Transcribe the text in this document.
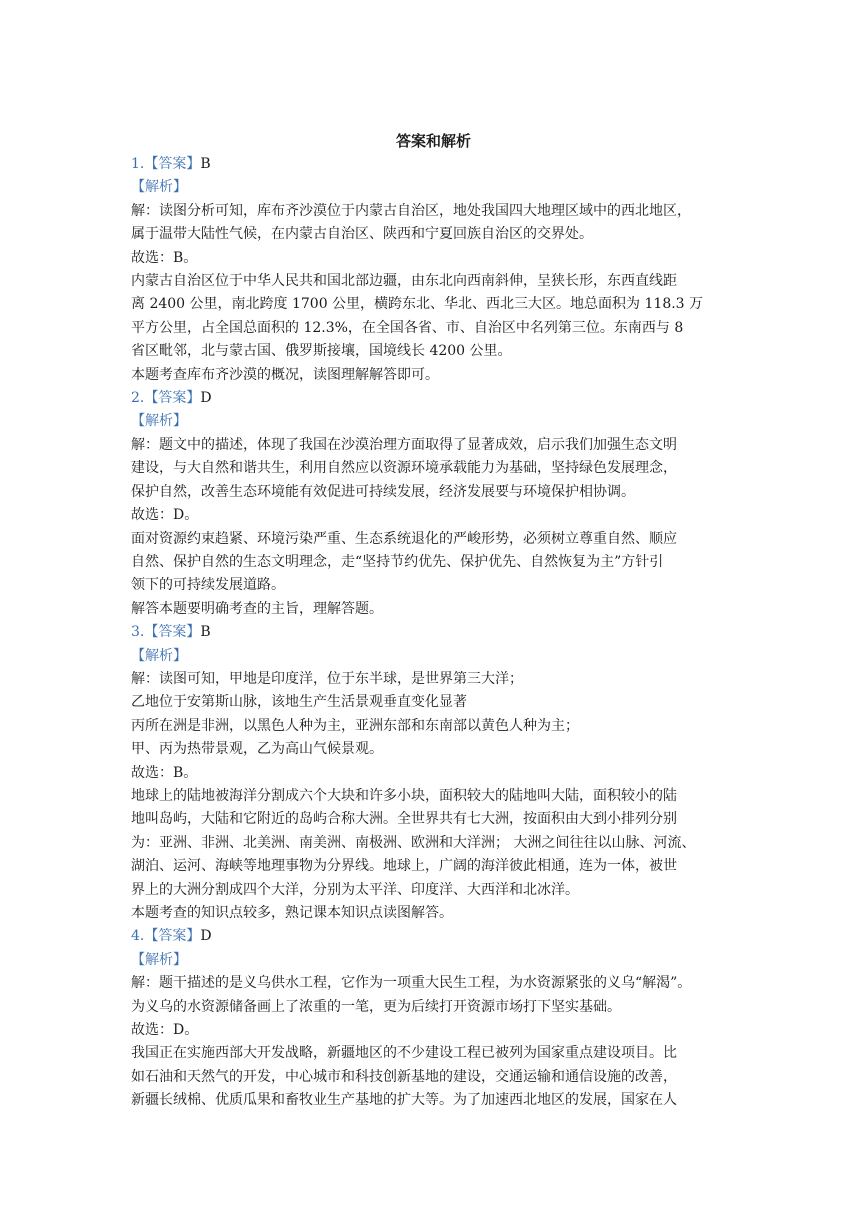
答案和解析

1.【答案】B

【解析】

解：读图分析可知，库布齐沙漠位于内蒙古自治区，地处我国四大地理区域中的西北地区，

属于温带大陆性气候，在内蒙古自治区、陕西和宁夏回族自治区的交界处。

故选：B。

内蒙古自治区位于中华人民共和国北部边疆，由东北向西南斜伸，呈狭长形，东西直线距

离 2400 公里，南北跨度 1700 公里，横跨东北、华北、西北三大区。地总面积为 118.3 万

平方公里，占全国总面积的 12.3%，在全国各省、市、自治区中名列第三位。东南西与 8

省区毗邻，北与蒙古国、俄罗斯接壤，国境线长 4200 公里。

本题考查库布齐沙漠的概况，读图理解解答即可。

2.【答案】D

【解析】

解：题文中的描述，体现了我国在沙漠治理方面取得了显著成效，启示我们加强生态文明

建设，与大自然和谐共生，利用自然应以资源环境承载能力为基础，坚持绿色发展理念，

保护自然，改善生态环境能有效促进可持续发展，经济发展要与环境保护相协调。

故选：D。

面对资源约束趋紧、环境污染严重、生态系统退化的严峻形势，必须树立尊重自然、顺应

自然、保护自然的生态文明理念，走“坚持节约优先、保护优先、自然恢复为主”方针引

领下的可持续发展道路。

解答本题要明确考查的主旨，理解答题。

3.【答案】B

【解析】

解：读图可知，甲地是印度洋，位于东半球，是世界第三大洋；

乙地位于安第斯山脉，该地生产生活景观垂直变化显著

丙所在洲是非洲，以黑色人种为主，亚洲东部和东南部以黄色人种为主；

甲、丙为热带景观，乙为高山气候景观。

故选：B。

地球上的陆地被海洋分割成六个大块和许多小块，面积较大的陆地叫大陆，面积较小的陆

地叫岛屿，大陆和它附近的岛屿合称大洲。全世界共有七大洲，按面积由大到小排列分别

为：亚洲、非洲、北美洲、南美洲、南极洲、欧洲和大洋洲； 大洲之间往往以山脉、河流、

湖泊、运河、海峡等地理事物为分界线。地球上，广阔的海洋彼此相通，连为一体，被世

界上的大洲分割成四个大洋，分别为太平洋、印度洋、大西洋和北冰洋。

本题考查的知识点较多，熟记课本知识点读图解答。

4.【答案】D

【解析】

解：题干描述的是义乌供水工程，它作为一项重大民生工程，为水资源紧张的义乌“解渴”。

为义乌的水资源储备画上了浓重的一笔，更为后续打开资源市场打下坚实基础。

故选：D。

我国正在实施西部大开发战略，新疆地区的不少建设工程已被列为国家重点建设项目。比

如石油和天然气的开发，中心城市和科技创新基地的建设，交通运输和通信设施的改善，

新疆长绒棉、优质瓜果和畜牧业生产基地的扩大等。为了加速西北地区的发展，国家在人
